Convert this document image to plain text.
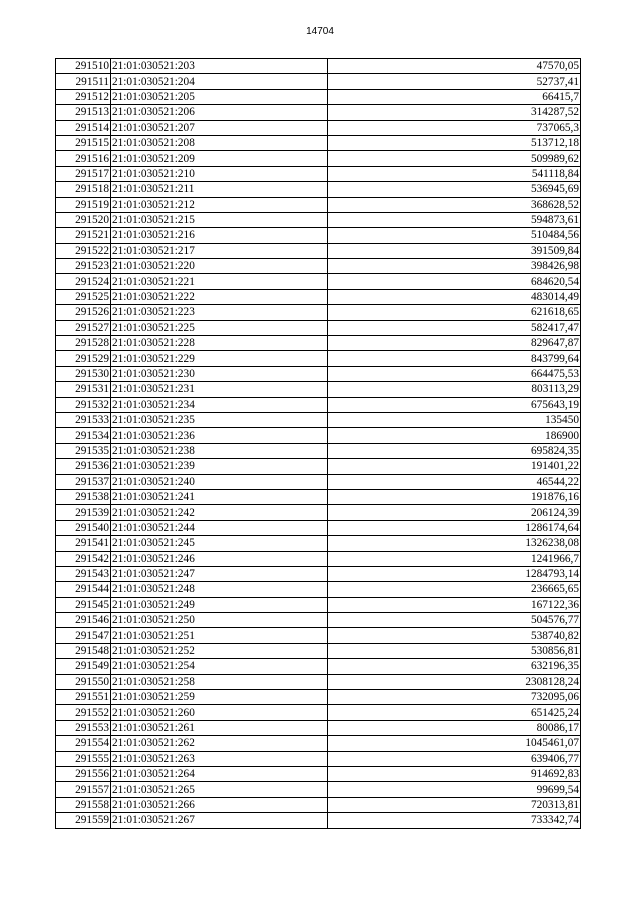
14704
291510	21:01:030521:203	47570,05
291511	21:01:030521:204	52737,41
291512	21:01:030521:205	66415,7
291513	21:01:030521:206	314287,52
291514	21:01:030521:207	737065,3
291515	21:01:030521:208	513712,18
291516	21:01:030521:209	509989,62
291517	21:01:030521:210	541118,84
291518	21:01:030521:211	536945,69
291519	21:01:030521:212	368628,52
291520	21:01:030521:215	594873,61
291521	21:01:030521:216	510484,56
291522	21:01:030521:217	391509,84
291523	21:01:030521:220	398426,98
291524	21:01:030521:221	684620,54
291525	21:01:030521:222	483014,49
291526	21:01:030521:223	621618,65
291527	21:01:030521:225	582417,47
291528	21:01:030521:228	829647,87
291529	21:01:030521:229	843799,64
291530	21:01:030521:230	664475,53
291531	21:01:030521:231	803113,29
291532	21:01:030521:234	675643,19
291533	21:01:030521:235	135450
291534	21:01:030521:236	186900
291535	21:01:030521:238	695824,35
291536	21:01:030521:239	191401,22
291537	21:01:030521:240	46544,22
291538	21:01:030521:241	191876,16
291539	21:01:030521:242	206124,39
291540	21:01:030521:244	1286174,64
291541	21:01:030521:245	1326238,08
291542	21:01:030521:246	1241966,7
291543	21:01:030521:247	1284793,14
291544	21:01:030521:248	236665,65
291545	21:01:030521:249	167122,36
291546	21:01:030521:250	504576,77
291547	21:01:030521:251	538740,82
291548	21:01:030521:252	530856,81
291549	21:01:030521:254	632196,35
291550	21:01:030521:258	2308128,24
291551	21:01:030521:259	732095,06
291552	21:01:030521:260	651425,24
291553	21:01:030521:261	80086,17
291554	21:01:030521:262	1045461,07
291555	21:01:030521:263	639406,77
291556	21:01:030521:264	914692,83
291557	21:01:030521:265	99699,54
291558	21:01:030521:266	720313,81
291559	21:01:030521:267	733342,74
